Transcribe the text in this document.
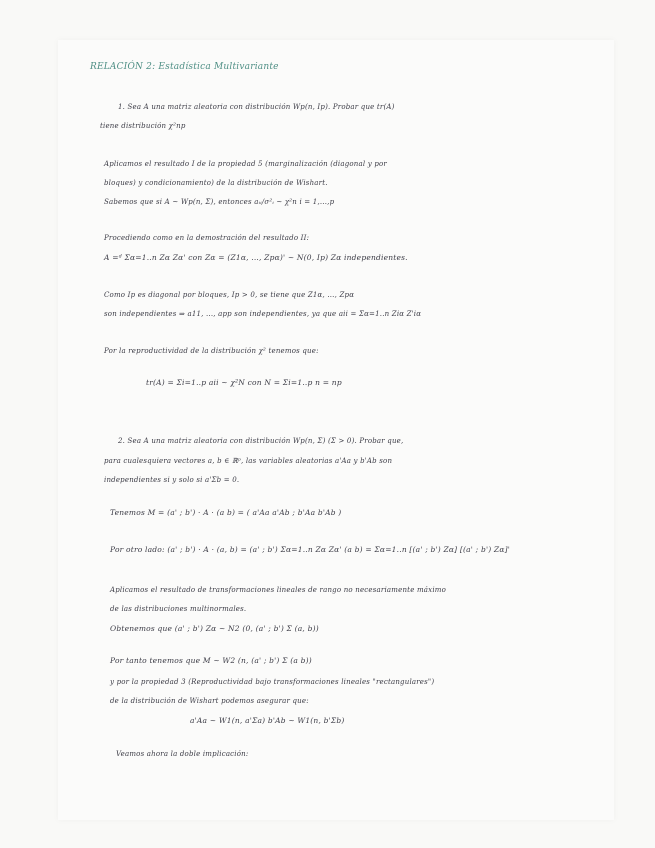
RELACIÓN 2: Estadística Multivariante

1. Sea A una matriz aleatoria con distribución Wp(n, Ip). Probar que tr(A)

tiene distribución χ²np

Aplicamos el resultado I de la propiedad 5 (marginalización (diagonal y por

bloques) y condicionamiento) de la distribución de Wishart.

Sabemos que si A ~ Wp(n, Σ), entonces aᵢᵢ/σ²ᵢ ~ χ²n i = 1,...,p

Procediendo como en la demostración del resultado II:

A =ᵈ Σα=1..n Zα Zα' con Zα = (Z1α, ..., Zpα)' ~ N(0, Ip) Zα independientes.

Como Ip es diagonal por bloques, Ip > 0, se tiene que Z1α, ..., Zpα

son independientes ⇒ a11, ..., app son independientes, ya que aii = Σα=1..n Ziα Z'iα

Por la reproductividad de la distribución χ² tenemos que:

tr(A) = Σi=1..p aii ~ χ²N con N = Σi=1..p n = np

2. Sea A una matriz aleatoria con distribución Wp(n, Σ) (Σ > 0). Probar que,

para cualesquiera vectores a, b ∈ ℝᵖ, las variables aleatorias a'Aa y b'Ab son

independientes si y solo si a'Σb = 0.

Tenemos M = (a' ; b') · A · (a b) = ( a'Aa a'Ab ; b'Aa b'Ab )

Por otro lado: (a' ; b') · A · (a, b) = (a' ; b') Σα=1..n Zα Zα' (a b) = Σα=1..n [(a' ; b') Zα] [(a' ; b') Zα]'

Aplicamos el resultado de transformaciones lineales de rango no necesariamente máximo

de las distribuciones multinormales.

Obtenemos que (a' ; b') Zα ~ N2 (0, (a' ; b') Σ (a, b))

Por tanto tenemos que M ~ W2 (n, (a' ; b') Σ (a b))

y por la propiedad 3 (Reproductividad bajo transformaciones lineales "rectangulares")

de la distribución de Wishart podemos asegurar que:

a'Aa ~ W1(n, a'Σa) b'Ab ~ W1(n, b'Σb)

Veamos ahora la doble implicación:
